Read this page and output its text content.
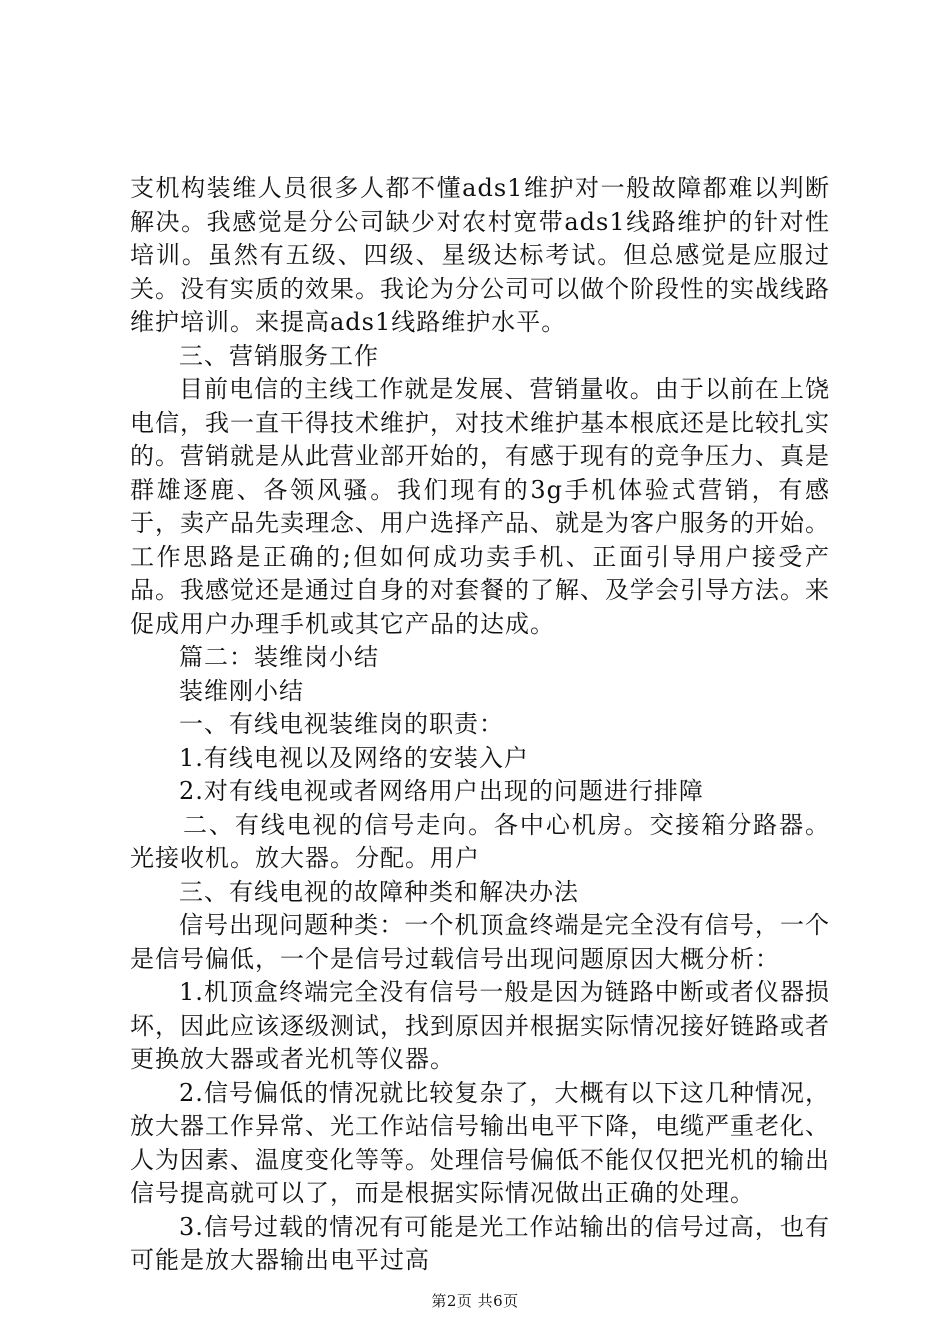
支机构装维人员很多人都不懂ads1维护对一般故障都难以判断解决。我感觉是分公司缺少对农村宽带ads1线路维护的针对性培训。虽然有五级、四级、星级达标考试。但总感觉是应服过关。没有实质的效果。我论为分公司可以做个阶段性的实战线路维护培训。来提高ads1线路维护水平。

三、营销服务工作

目前电信的主线工作就是发展、营销量收。由于以前在上饶电信，我一直干得技术维护，对技术维护基本根底还是比较扎实的。营销就是从此营业部开始的，有感于现有的竞争压力、真是群雄逐鹿、各领风骚。我们现有的3g手机体验式营销，有感于，卖产品先卖理念、用户选择产品、就是为客户服务的开始。工作思路是正确的;但如何成功卖手机、正面引导用户接受产品。我感觉还是通过自身的对套餐的了解、及学会引导方法。来促成用户办理手机或其它产品的达成。

篇二：装维岗小结

装维刚小结

一、有线电视装维岗的职责：

1.有线电视以及网络的安装入户

2.对有线电视或者网络用户出现的问题进行排障

二、有线电视的信号走向。各中心机房。交接箱分路器。光接收机。放大器。分配。用户

三、有线电视的故障种类和解决办法

信号出现问题种类：一个机顶盒终端是完全没有信号，一个是信号偏低，一个是信号过载信号出现问题原因大概分析：

1.机顶盒终端完全没有信号一般是因为链路中断或者仪器损坏，因此应该逐级测试，找到原因并根据实际情况接好链路或者更换放大器或者光机等仪器。

2.信号偏低的情况就比较复杂了，大概有以下这几种情况，放大器工作异常、光工作站信号输出电平下降，电缆严重老化、人为因素、温度变化等等。处理信号偏低不能仅仅把光机的输出信号提高就可以了，而是根据实际情况做出正确的处理。

3.信号过载的情况有可能是光工作站输出的信号过高，也有可能是放大器输出电平过高

第2页 共6页
